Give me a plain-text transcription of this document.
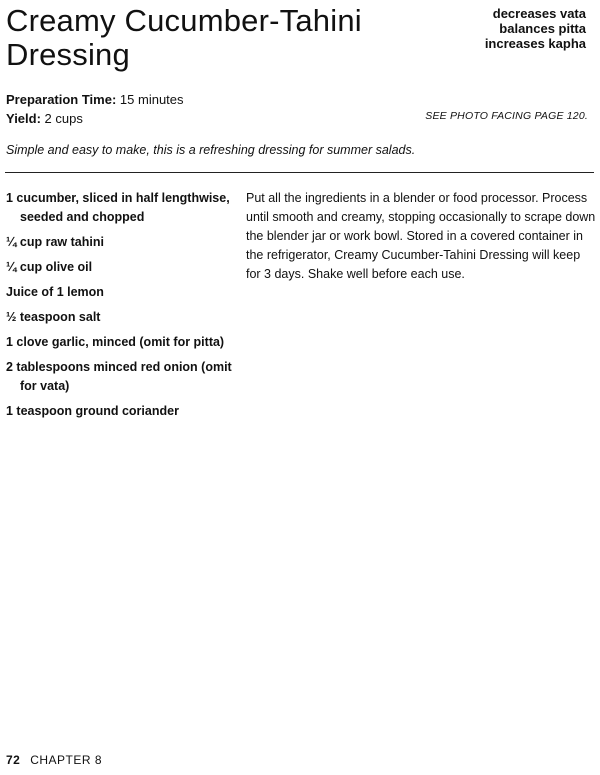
Creamy Cucumber-Tahini Dressing
decreases vata
balances pitta
increases kapha
Preparation Time: 15 minutes
Yield: 2 cups	SEE PHOTO FACING PAGE 120.
Simple and easy to make, this is a refreshing dressing for summer salads.
1 cucumber, sliced in half lengthwise, seeded and chopped
¼ cup raw tahini
¼ cup olive oil
Juice of 1 lemon
½ teaspoon salt
1 clove garlic, minced (omit for pitta)
2 tablespoons minced red onion (omit for vata)
1 teaspoon ground coriander

Put all the ingredients in a blender or food processor. Process until smooth and creamy, stopping occasionally to scrape down the blender jar or work bowl. Stored in a covered container in the refrigerator, Creamy Cucumber-Tahini Dressing will keep for 3 days. Shake well before each use.

72 CHAPTER 8
